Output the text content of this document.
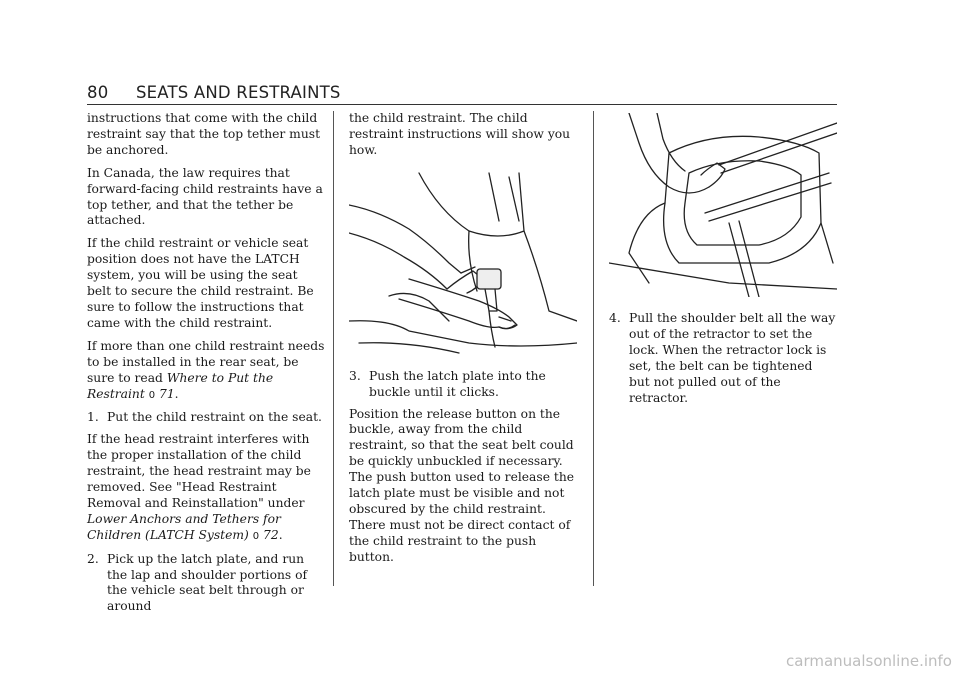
80 SEATS AND RESTRAINTS

instructions that come with the child restraint say that the top tether must be anchored.

In Canada, the law requires that forward-facing child restraints have a top tether, and that the tether be attached.

If the child restraint or vehicle seat position does not have the LATCH system, you will be using the seat belt to secure the child restraint. Be sure to follow the instructions that came with the child restraint.

If more than one child restraint needs to be installed in the rear seat, be sure to read Where to Put the Restraint 0 71.

1. Put the child restraint on the seat.

If the head restraint interferes with the proper installation of the child restraint, the head restraint may be removed. See "Head Restraint Removal and Reinstallation" under Lower Anchors and Tethers for Children (LATCH System) 0 72.

2. Pick up the latch plate, and run the lap and shoulder portions of the vehicle seat belt through or around

the child restraint. The child restraint instructions will show you how.

3. Push the latch plate into the buckle until it clicks.

Position the release button on the buckle, away from the child restraint, so that the seat belt could be quickly unbuckled if necessary. The push button used to release the latch plate must be visible and not obscured by the child restraint. There must not be direct contact of the child restraint to the push button.

4. Pull the shoulder belt all the way out of the retractor to set the lock. When the retractor lock is set, the belt can be tightened but not pulled out of the retractor.
carmanualsonline.info
